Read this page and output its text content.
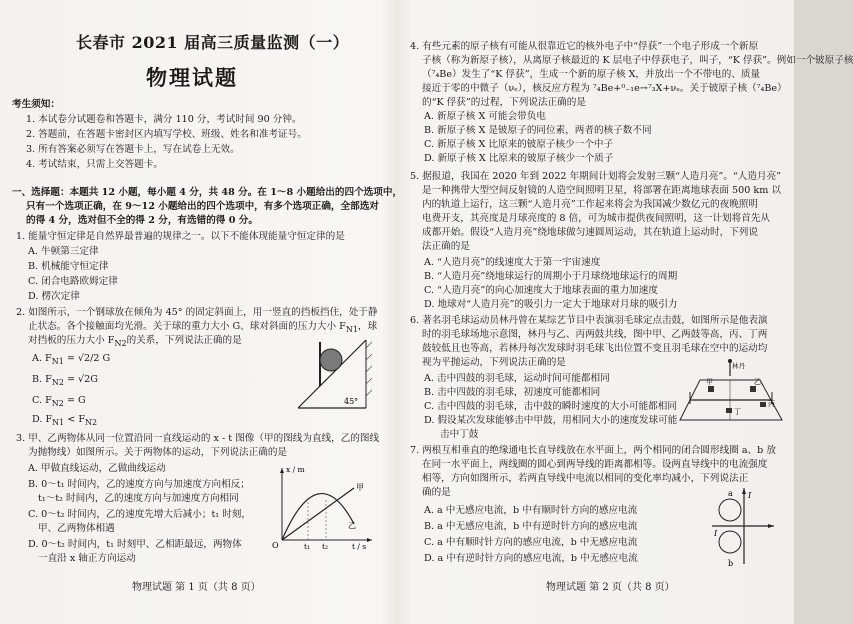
长春市 2021 届高三质量监测（一）
物理试题
考生须知：
1. 本试卷分试题卷和答题卡，满分 110 分，考试时间 90 分钟。
2. 答题前，在答题卡密封区内填写学校、班级、姓名和准考证号。
3. 所有答案必须写在答题卡上，写在试卷上无效。
4. 考试结束，只需上交答题卡。
一、选择题：本题共 12 小题，每小题 4 分，共 48 分。在 1～8 小题给出的四个选项中，
只有一个选项正确，在 9～12 小题给出的四个选项中，有多个选项正确，全部选对
的得 4 分，选对但不全的得 2 分，有选错的得 0 分。
1. 能量守恒定律是自然界最普遍的规律之一。以下不能体现能量守恒定律的是
A. 牛顿第三定律
B. 机械能守恒定律
C. 闭合电路欧姆定律
D. 楞次定律
2. 如图所示，一个钢球放在倾角为 45° 的固定斜面上，用一竖直的挡板挡住，处于静
止状态。各个接触面均光滑。关于球的重力大小 G、球对斜面的压力大小 $F_{N1}$，球
对挡板的压力大小 $F_{N2}$的关系，下列说法正确的是
A. $F_{N1} = √2/2$ G
B. $F_{N2} = √2G$
C. $F_{N2} = G$
D. $F_{N1} < F_{N2}$
45°
3. 甲、乙两物体从同一位置沿同一直线运动的 x - t 图像（甲的图线为直线，乙的图线
为抛物线）如图所示。关于两物体的运动，下列说法正确的是
A. 甲做直线运动，乙做曲线运动
B. 0～t₁ 时间内，乙的速度方向与加速度方向相反；
t₁～t₂ 时间内，乙的速度方向与加速度方向相同
C. 0～t₂ 时间内，乙的速度先增大后减小；t₁ 时刻，
甲、乙两物体相遇
D. 0～t₂ 时间内，t₁ 时刻甲、乙相距最远，两物体
一直沿 x 轴正方向运动
O	t₁ t₂	t / s
x / m
甲
乙
物理试题 第 1 页（共 8 页）
4. 有些元素的原子核有可能从很靠近它的核外电子中“俘获”一个电子形成一个新原
子核（称为新原子核），从离原子核最近的 K 层电子中俘获电子，叫子，“K 俘获”。例如一个铍原子核
（⁷₄Be）发生了“K 俘获”，生成一个新的原子核 X，并放出一个不带电的、质量
接近于零的中微子（νₑ），核反应方程为 ⁷₄Be+⁰₋₁e→⁷₃X+νₑ。关于铍原子核（⁷₄Be）
的“K 俘获”的过程，下列说法正确的是
A. 新原子核 X 可能会带负电
B. 新原子核 X 是铍原子的同位素，两者的核子数不同
C. 新原子核 X 比原来的铍原子核少一个中子
D. 新原子核 X 比原来的铍原子核少一个质子
5. 据报道，我国在 2020 年到 2022 年期间计划将会发射三颗“人造月亮”。“人造月亮”
是一种携带大型空间反射镜的人造空间照明卫星，将部署在距离地球表面 500 km 以
内的轨道上运行，这三颗“人造月亮”工作起来将会为我国减少数亿元的夜晚照明
电费开支，其亮度是月球亮度的 8 倍，可为城市提供夜间照明，这一计划将首先从
成都开始。假设“人造月亮”绕地球做匀速圆周运动，其在轨道上运动时，下列说
法正确的是
A. “人造月亮”的线速度大于第一宇宙速度
B. “人造月亮”绕地球运行的周期小于月球绕地球运行的周期
C. “人造月亮”的向心加速度大于地球表面的重力加速度
D. 地球对“人造月亮”的吸引力一定大于地球对月球的吸引力
6. 著名羽毛球运动员林丹曾在某综艺节目中表演羽毛球定点击鼓，如图所示是他表演
时的羽毛球场地示意图，林丹与乙、丙两鼓共线，图中甲、乙两鼓等高，丙、丁两
鼓较低且也等高，若林丹每次发球时羽毛球飞出位置不变且羽毛球在空中的运动均
视为平抛运动，下列说法正确的是
A. 击中四鼓的羽毛球，运动时间可能都相同
B. 击中四鼓的羽毛球，初速度可能都相同
C. 击中四鼓的羽毛球，击中鼓的瞬时速度的大小可能都相同
D. 假设某次发球能够击中甲鼓，用相同大小的速度发球可能
击中丁鼓
林丹
甲	乙
丙
丁
7. 两根互相垂直的绝缘通电长直导线放在水平面上，两个相同的闭合圆形线圈 a、b 放
在同一水平面上，两线圈的圆心到两导线的距离都相等。设两直导线中的电流强度
相等，方向如图所示，若两直导线中电流以相同的变化率均减小，下列说法正
确的是
A. a 中无感应电流，b 中有顺时针方向的感应电流
B. a 中无感应电流，b 中有逆时针方向的感应电流
C. a 中有顺时针方向的感应电流，b 中无感应电流
D. a 中有逆时针方向的感应电流，b 中无感应电流
a
b
I
I
物理试题 第 2 页（共 8 页）
